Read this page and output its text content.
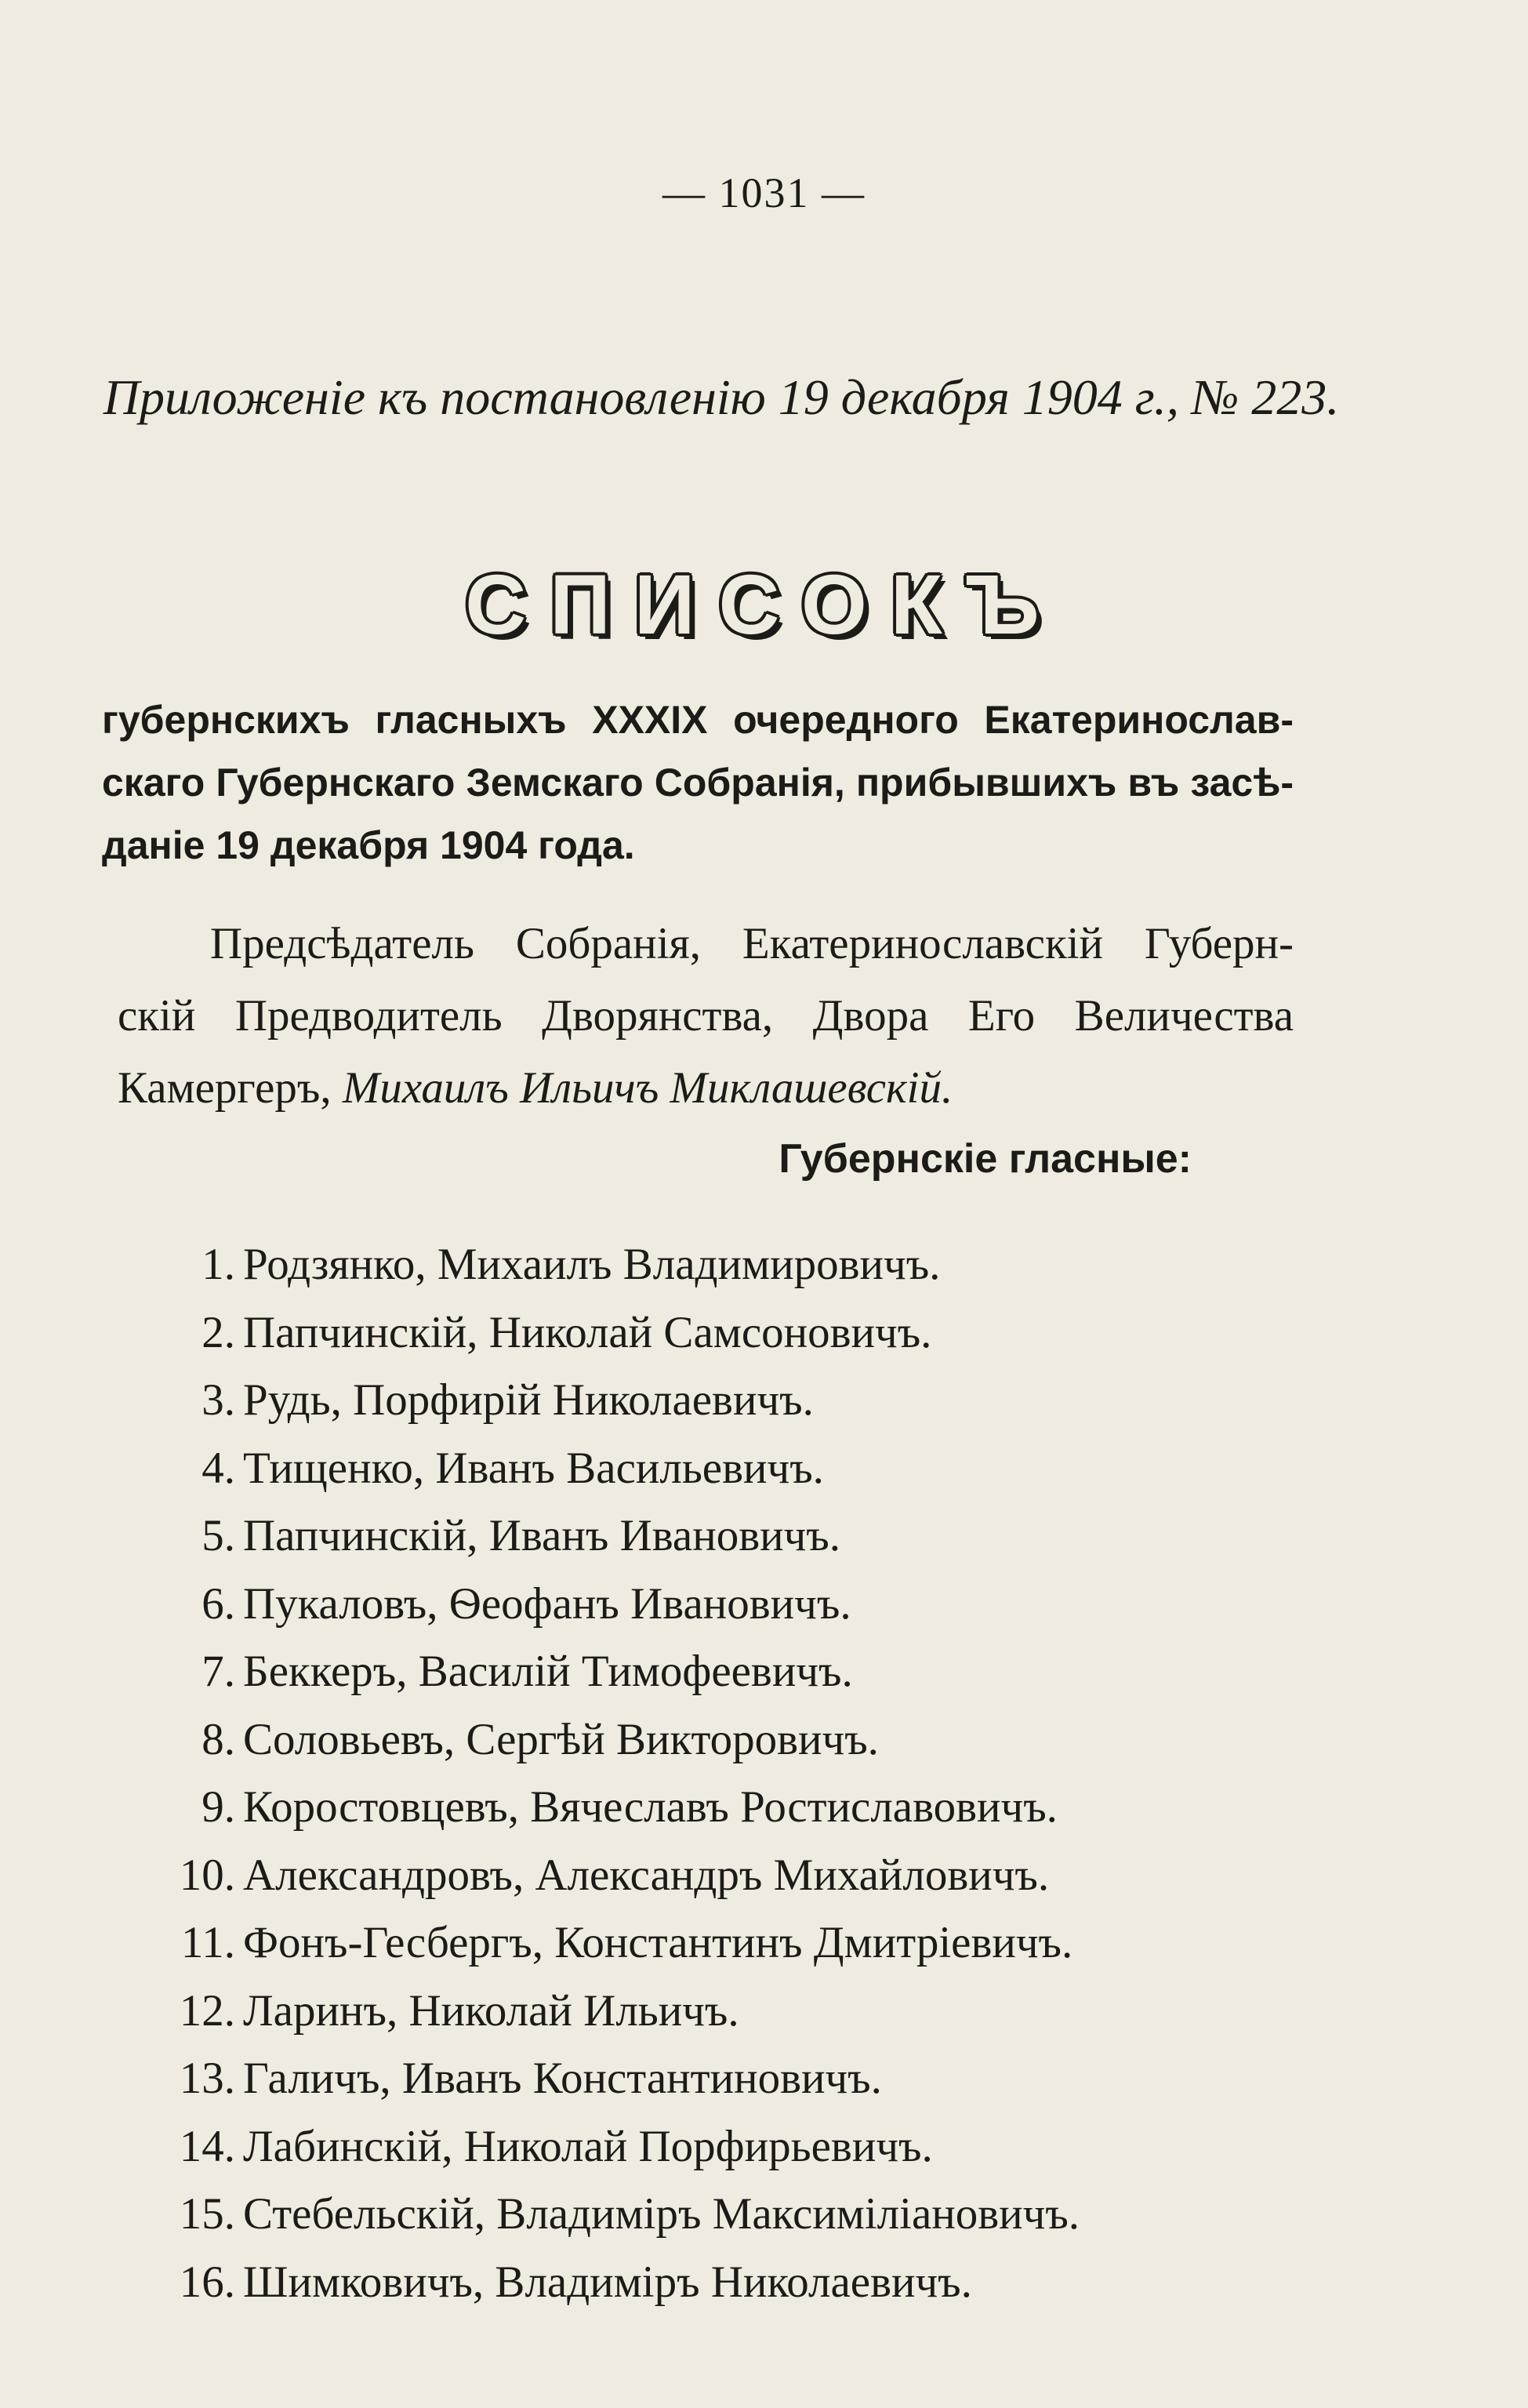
— 1031 —
Приложеніе къ постановленію 19 декабря 1904 г., № 223.
СПИСОКЪ
губернскихъ гласныхъ XXXIX очередного Екатеринослав-
скаго Губернскаго Земскаго Собранія, прибывшихъ въ засѣ-
даніе 19 декабря 1904 года.
Предсѣдатель Собранія, Екатеринославскій Губерн-
скій Предводитель Дворянства, Двора Его Величества
Камергеръ, Михаилъ Ильичъ Миклашевскій.
Губернскіе гласные:
1. Родзянко, Михаилъ Владимировичъ.
2. Папчинскій, Николай Самсоновичъ.
3. Рудь, Порфирій Николаевичъ.
4. Тищенко, Иванъ Васильевичъ.
5. Папчинскій, Иванъ Ивановичъ.
6. Пукаловъ, Ѳеофанъ Ивановичъ.
7. Беккеръ, Василій Тимофеевичъ.
8. Соловьевъ, Сергѣй Викторовичъ.
9. Коростовцевъ, Вячеславъ Ростиславовичъ.
10. Александровъ, Александръ Михайловичъ.
11. Фонъ-Гесбергъ, Константинъ Дмитріевичъ.
12. Ларинъ, Николай Ильичъ.
13. Галичъ, Иванъ Константиновичъ.
14. Лабинскій, Николай Порфирьевичъ.
15. Стебельскій, Владиміръ Максиміліановичъ.
16. Шимковичъ, Владиміръ Николаевичъ.
